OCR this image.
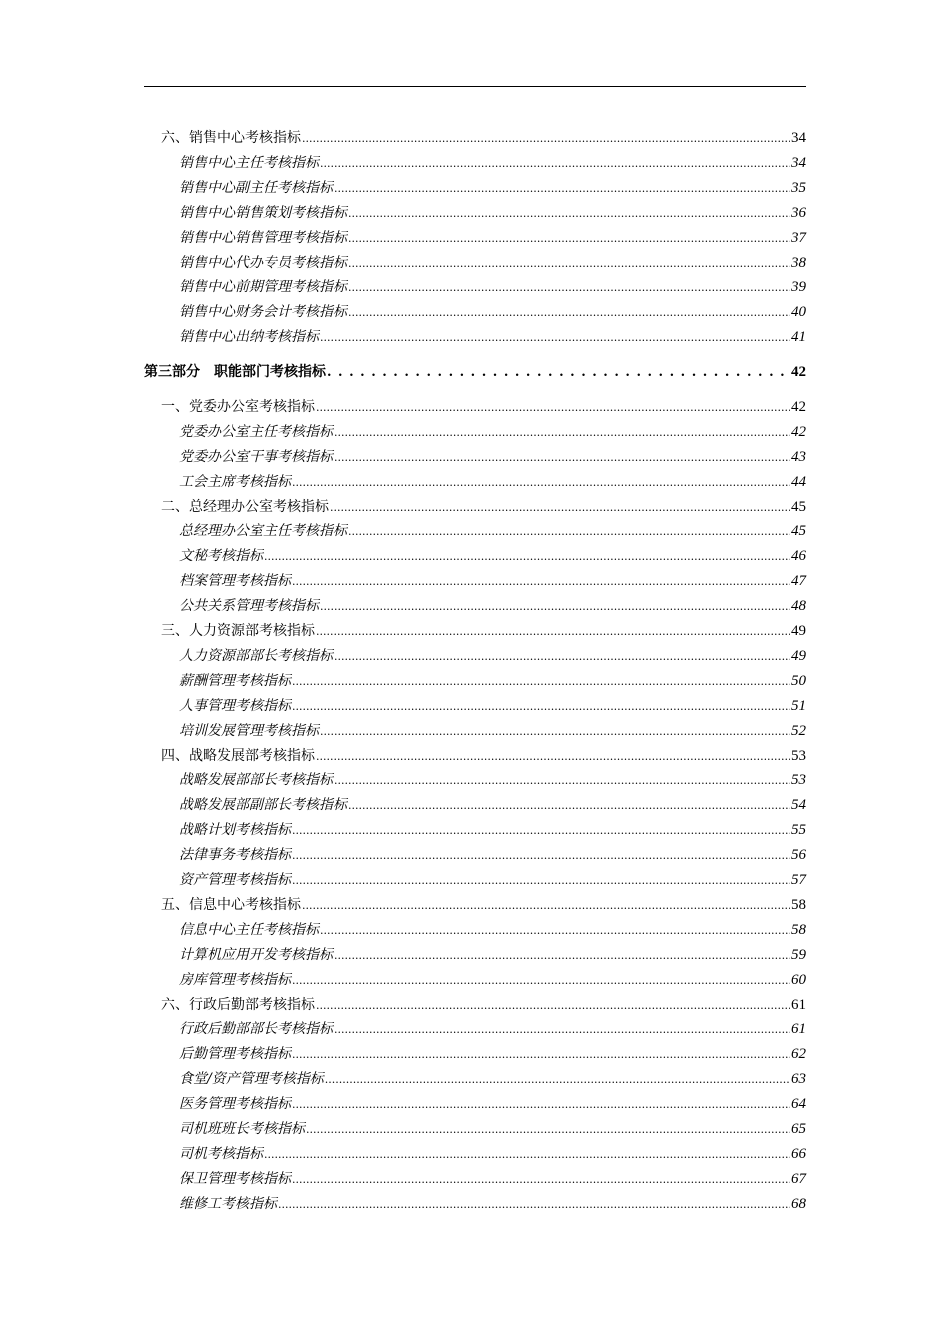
六、销售中心考核指标 .....	34
销售中心主任考核指标 .....	34
销售中心副主任考核指标 .....	35
销售中心销售策划考核指标 .....	36
销售中心销售管理考核指标 .....	37
销售中心代办专员考核指标 .....	38
销售中心前期管理考核指标 .....	39
销售中心财务会计考核指标 .....	40
销售中心出纳考核指标 .....	41
第三部分　职能部门考核指标 . . .	42
一、党委办公室考核指标 .....	42
党委办公室主任考核指标 .....	42
党委办公室干事考核指标 .....	43
工会主席考核指标 .....	44
二、总经理办公室考核指标 .....	45
总经理办公室主任考核指标 .....	45
文秘考核指标 .....	46
档案管理考核指标 .....	47
公共关系管理考核指标 .....	48
三、人力资源部考核指标 .....	49
人力资源部部长考核指标 .....	49
薪酬管理考核指标 .....	50
人事管理考核指标 .....	51
培训发展管理考核指标 .....	52
四、战略发展部考核指标 .....	53
战略发展部部长考核指标 .....	53
战略发展部副部长考核指标 .....	54
战略计划考核指标 .....	55
法律事务考核指标 .....	56
资产管理考核指标 .....	57
五、信息中心考核指标 .....	58
信息中心主任考核指标 .....	58
计算机应用开发考核指标 .....	59
房库管理考核指标 .....	60
六、行政后勤部考核指标 .....	61
行政后勤部部长考核指标 .....	61
后勤管理考核指标 .....	62
食堂/资产管理考核指标 .....	63
医务管理考核指标 .....	64
司机班班长考核指标 .....	65
司机考核指标 .....	66
保卫管理考核指标 .....	67
维修工考核指标 .....	68
